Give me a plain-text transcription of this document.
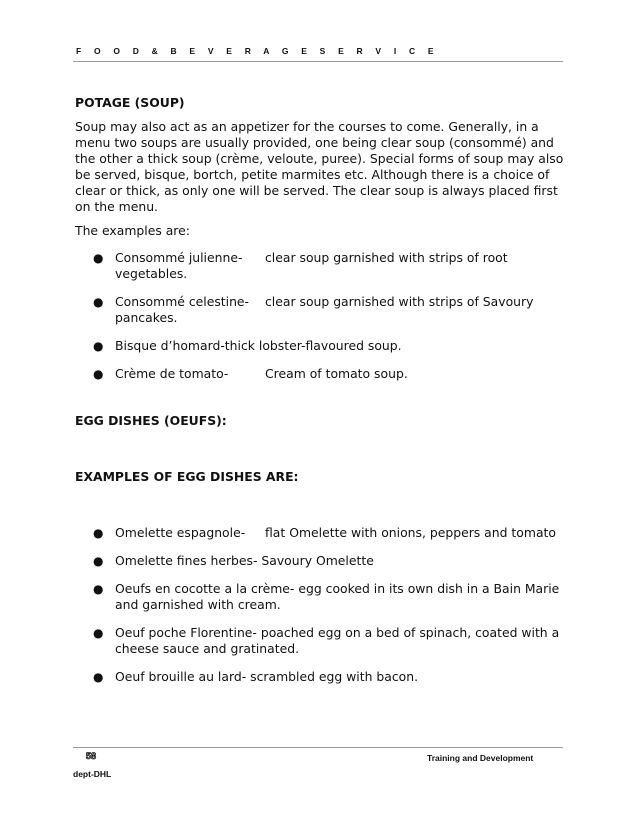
F O O D & B E V E R A G E S E R V I C E
POTAGE (SOUP)

Soup may also act as an appetizer for the courses to come. Generally, in a menu two soups are usually provided, one being clear soup (consommé) and the other a thick soup (crème, veloute, puree). Special forms of soup may also be served, bisque, bortch, petite marmites etc. Although there is a choice of clear or thick, as only one will be served. The clear soup is always placed first on the menu.

The examples are:

● Consommé julienne- clear soup garnished with strips of root vegetables.
● Consommé celestine- clear soup garnished with strips of Savoury pancakes.
● Bisque d’homard-thick lobster-flavoured soup.
● Crème de tomato-	Cream of tomato soup.
EGG DISHES (OEUFS):
EXAMPLES OF EGG DISHES ARE:
● Omelette espagnole- flat Omelette with onions, peppers and tomato
● Omelette fines herbes- Savoury Omelette
● Oeufs en cocotte a la crème- egg cooked in its own dish in a Bain Marie and garnished with cream.
● Oeuf poche Florentine- poached egg on a bed of spinach, coated with a cheese sauce and gratinated.
● Oeuf brouille au lard- scrambled egg with bacon.
58	Training and Development
dept-DHL
